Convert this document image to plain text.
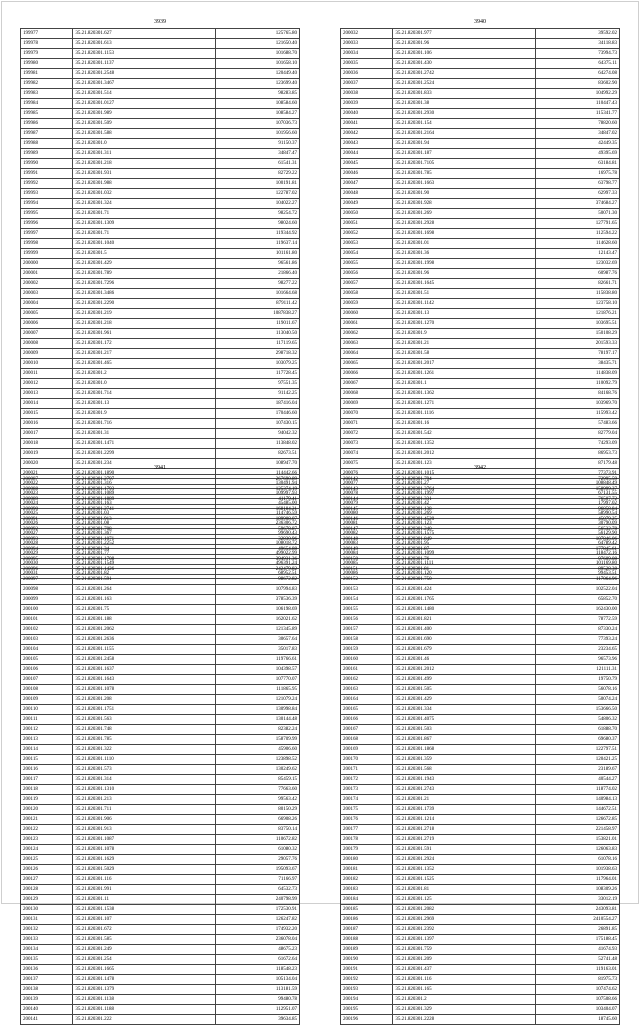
3939
199977	35.21.820301.627	125765.80
199978	35.21.820301.613	121650.40
199979	35.21.820301.1153	101688.70
199980	35.21.820301.1137	101658.10
199981	35.21.820301.2548	120449.40
199982	35.21.820301.3467	123699.40
199983	35.21.820301.514	98283.85
199984	35.21.820301.0127	108584.60
199985	35.21.820301.989	108584.27
199986	35.21.820301.509	107036.73
199987	35.21.820301.588	101956.60
199988	35.21.820301.0	91150.37
199989	35.21.820301.311	34847.47
199990	35.21.820301.218	61541.31
199991	35.21.820301.931	82729.22
199992	35.21.820301.988	100191.81
199993	35.21.820301.032	122787.02
199994	35.21.820301.324	104022.27
199995	35.21.820301.71	98254.72
199996	35.21.820301.1309	98024.60
199997	35.21.820301.71	119344.92
199998	35.21.820301.1040	119637.14
199999	35.21.820301.5	101161.80
200000	35.21.820301.429	96561.86
200001	35.21.820301.789	21866.40
200002	35.21.820301.7296	98277.22
200003	35.21.820301.3486	101664.68
200004	35.21.820301.2290	879111.42
200005	35.21.820301.219	1087838.27
200006	35.21.820301.218	119011.67
200007	35.21.820301.961	113040.50
200008	35.21.820301.172	117119.65
200009	35.21.820301.217	298718.32
200010	35.21.820301.465	103079.25
200011	35.21.820301.2	117728.45
200012	35.21.820301.0	97551.35
200013	35.21.820301.714	91142.25
200014	35.21.820301.13	187416.04
200015	35.21.820301.9	170446.60
200016	35.21.820301.716	107430.15
200017	35.21.820301.31	94042.32
200018	35.21.820301.1471	113848.02
200019	35.21.820301.2299	82673.51
200020	35.21.820301.234	108947.70
200021	35.21.820301.1890	114442.66
200022	35.21.820301.316	130491.94
200023	35.21.820301.1089	109997.93
200024	35.21.820301.163	45485.00
200025	35.21.820301.03	114746.59
200026	35.21.820301.08	236306.72
200027	35.21.820301.367	99690.43
200028	35.21.820301.2252	108018.72
200029	35.21.820301.77	499022.99
200030	35.21.820301.1549	496391.24
200031	35.21.820301.82	68952.51
3940
200032	35.21.820301.977	39592.02
200033	35.21.820301.96	34118.83
200034	35.21.820301.106	73994.73
200035	35.21.820301.430	64375.11
200036	35.21.820301.2742	64274.08
200037	35.21.820301.2524	83602.90
200038	35.21.820301.833	104992.29
200039	35.21.820301.38	110447.43
200040	35.21.820301.2930	115341.77
200041	35.21.820301.154	78820.60
200042	35.21.820301.2164	34847.02
200043	35.21.820301.94	42449.35
200044	35.21.820301.187	49395.69
200045	35.21.820301.7105	63184.81
200046	35.21.820301.785	16975.78
200047	35.21.820301.1663	63798.77
200048	35.21.820301.90	62997.33
200049	35.21.820301.928	374684.27
200050	35.21.820301.269	50071.30
200051	35.21.820301.2928	127791.65
200052	35.21.820301.1698	112594.22
200053	35.21.820301.01	114628.60
200054	35.21.820301.36	12143.47
200055	35.21.820301.1998	123032.69
200056	35.21.820301.96	60987.76
200057	35.21.820301.1645	82661.71
200058	35.21.820301.51	115838.80
200059	35.21.820301.1142	123758.10
200060	35.21.820301.13	121876.21
200061	35.21.820301.1270	103695.51
200062	35.21.820301.9	150108.29
200063	35.21.820301.21	201593.33
200064	35.21.820301.58	78197.17
200065	35.21.820301.2017	38435.71
200066	35.21.820301.1261	114838.09
200067	35.21.820301.1	110092.79
200068	35.21.820301.1362	84168.76
200069	35.21.820301.1271	103969.70
200070	35.21.820301.1116	115993.42
200071	35.21.820301.16	57483.66
200072	35.21.820301.542	82779.04
200073	35.21.820301.1352	74293.09
200074	35.21.820301.2012	86953.73
200075	35.21.820301.123	87179.48
200076	35.21.820301.1015	77373.91
200077	35.21.820301.27	108848.49
200078	35.21.820301.1997	67131.55
200079	35.21.820301.42	17997.02
200080	35.21.820301.269	58990.54
200081	35.21.820301.123	30790.09
200082	35.21.820301.1575	56129.90
200083	35.21.820301.95	64789.42
200084	35.21.820301.1099	118472.16
200085	35.21.820301.1111	101169.80
200086	35.21.820301.120	99453.51
3941
200087	35.21.820301.2797	267690.89
200088	35.21.820301.1793	125374.19
200089	35.21.820301.1889	41179.41
200090	35.21.820301.2741	168184.21
200091	35.21.820301.913	189908.07
200092	35.21.820301.708	59678.87
200093	35.21.820301.1071	32830.96
200094	35.21.820301.34	49654.88
200095	35.21.820301.1708	394931.36
200096	35.21.820301.1426	242479.82
200097	35.21.820301.591	98672.82
200098	35.21.820301.264	107994.83
200099	35.21.820301.163	378536.39
200100	35.21.820301.75	106198.69
200101	35.21.820301.188	162021.62
200102	35.21.820301.2062	121345.89
200103	35.21.820301.2636	30657.64
200104	35.21.820301.1155	35017.83
200105	35.21.820301.2458	119766.61
200106	35.21.820301.1637	104398.57
200107	35.21.820301.1643	107770.07
200108	35.21.820301.1078	111865.95
200109	35.21.820301.208	121079.24
200110	35.21.820301.1751	130998.84
200111	35.21.820301.563	130144.48
200112	35.21.820301.748	82382.24
200113	35.21.820301.785	158709.99
200114	35.21.820301.322	45906.60
200115	35.21.820301.1110	123898.52
200116	35.21.820301.573	130249.62
200117	35.21.820301.314	85459.15
200118	35.21.820301.1310	77663.60
200119	35.21.820301.213	99563.42
200120	35.21.820301.711	80150.29
200121	35.21.820301.906	66908.26
200122	35.21.820301.913	83750.14
200123	35.21.820301.1087	110672.82
200124	35.21.820301.1078	61080.32
200125	35.21.820301.1629	29057.76
200126	35.21.820301.5029	195093.67
200127	35.21.820301.116	71166.97
200128	35.21.820301.991	64532.73
200129	35.21.820301.11	240798.99
200130	35.21.820301.1538	172530.91
200131	35.21.820301.107	126247.82
200132	35.21.820301.672	174932.20
200133	35.21.820301.585	236078.04
200134	35.21.820301.249	48675.23
200135	35.21.820301.254	61672.64
200136	35.21.820301.1665	118548.23
200137	35.21.820301.1478	105134.04
200138	35.21.820301.1379	113181.59
200139	35.21.820301.1138	99480.78
200140	35.21.820301.1188	112951.07
200141	35.21.820301.222	39634.85
3942
200142	35.21.820301.794	72995.59
200143	35.21.820301.3764	158999.37
200144	35.21.820301.331	76507.72
200145	35.21.820301.138	96858.84
200146	35.21.820301.4520	45079.25
200147	35.21.820301.240	56532.78
200148	35.21.820301.849	107846.06
200149	35.21.820301.87	177845.61
200150	35.21.820301.76	97609.08
200151	35.21.820301.81	89528.38
200152	35.21.820301.750	117064.96
200153	35.21.820301.424	102522.04
200154	35.21.820301.1765	65852.70
200155	35.21.820301.1480	162430.00
200156	35.21.820301.821	78772.59
200157	35.21.820301.400	87330.24
200158	35.21.820301.690	77393.24
200159	35.21.820301.679	23234.65
200160	35.21.820301.46	96573.96
200161	35.21.820301.2012	121111.31
200162	35.21.820301.499	19750.79
200163	35.21.820301.505	56078.16
200164	35.21.820301.429	50074.24
200165	35.21.820301.334	153666.50
200166	35.21.820301.4075	54806.32
200167	35.21.820301.503	61888.70
200168	35.21.820301.867	69680.37
200169	35.21.820301.1868	122797.51
200170	35.21.820301.359	120421.25
200171	35.21.820301.568	23189.67
200172	35.21.820301.1943	40544.27
200173	35.21.820301.2743	118774.02
200174	35.21.820301.21	140984.13
200175	35.21.820301.1739	144672.51
200176	35.21.820301.1214	126672.85
200177	35.21.820301.2718	221458.97
200178	35.21.820301.2719	153821.01
200179	35.21.820301.591	126063.83
200180	35.21.820301.2924	61078.16
200181	35.21.820301.1352	101938.63
200182	35.21.820301.1525	117964.01
200183	35.21.820301.81	108309.26
200184	35.21.820301.125	33012.19
200185	35.21.820301.2082	243093.81
200186	35.21.820301.2969	2410554.27
200187	35.21.820301.2392	26891.85
200188	35.21.820301.1397	175188.45
200189	35.21.820301.759	41674.93
200190	35.21.820301.209	52741.48
200191	35.21.820301.437	119163.01
200192	35.21.820301.116	81975.73
200193	35.21.820301.165	107474.62
200194	35.21.820301.2	107508.66
200195	35.21.820301.329	103404.07
200196	35.21.820301.2228	18745.60
